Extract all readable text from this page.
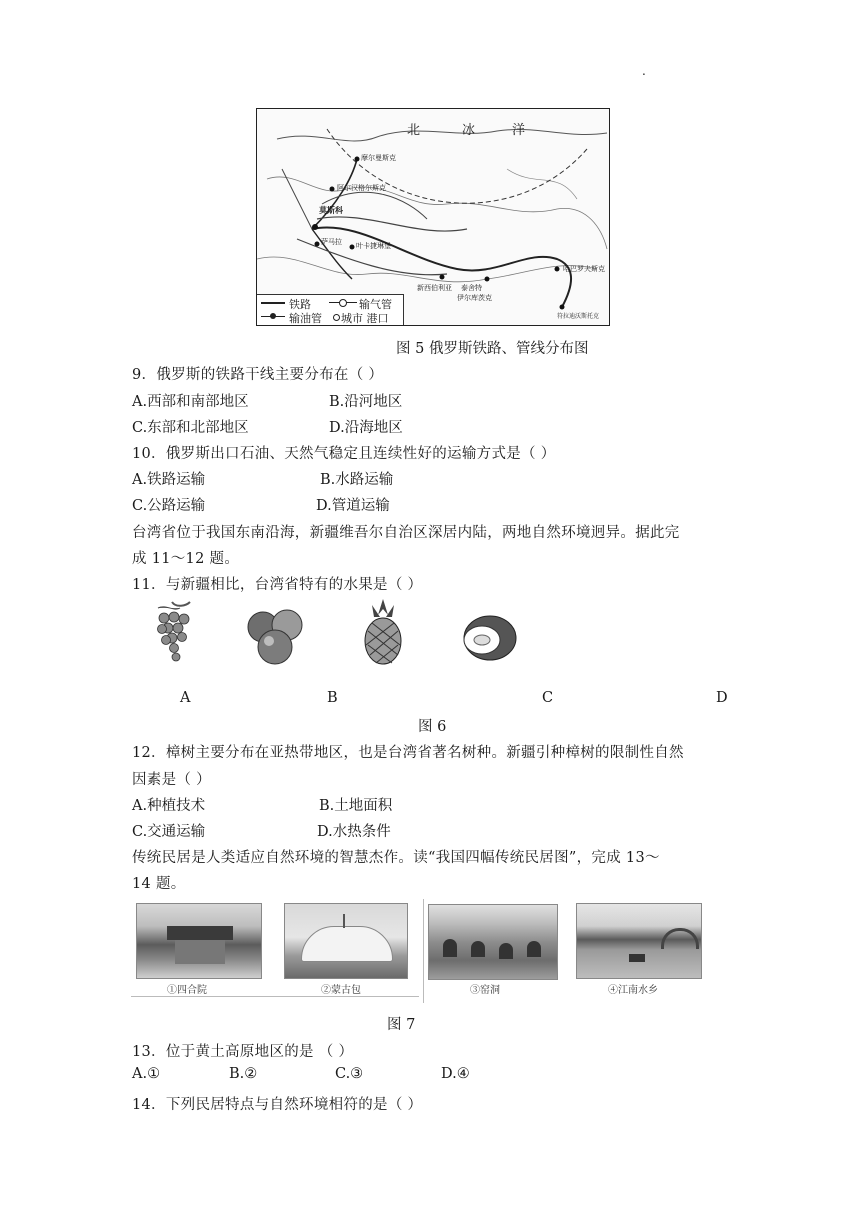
.
北	冰	洋
摩尔曼斯克
阿尔汉格尔斯克
莫斯科
萨马拉 叶卡捷琳堡
新西伯利亚 泰舍特
伊尔库茨克
哈巴罗夫斯克
符拉迪沃斯托克
铁路	输气管
输油管 城市 港口
图 5 俄罗斯铁路、管线分布图
9．俄罗斯的铁路干线主要分布在（ ）
A.西部和南部地区	B.沿河地区
C.东部和北部地区	D.沿海地区
10．俄罗斯出口石油、天然气稳定且连续性好的运输方式是（ ）
A.铁路运输	B.水路运输
C.公路运输	D.管道运输
台湾省位于我国东南沿海，新疆维吾尔自治区深居内陆，两地自然环境迥异。据此完
成 11～12 题。
11．与新疆相比，台湾省特有的水果是（ ）
A	B	C	D
图 6
12．樟树主要分布在亚热带地区，也是台湾省著名树种。新疆引种樟树的限制性自然
因素是（ ）
A.种植技术	B.土地面积
C.交通运输	D.水热条件
传统民居是人类适应自然环境的智慧杰作。读“我国四幅传统民居图”，完成 13～
14 题。
①四合院	②蒙古包	③窑洞	④江南水乡
图 7
13．位于黄土高原地区的是 （ ）
A.①	B.②	C.③	D.④
14．下列民居特点与自然环境相符的是（ ）
